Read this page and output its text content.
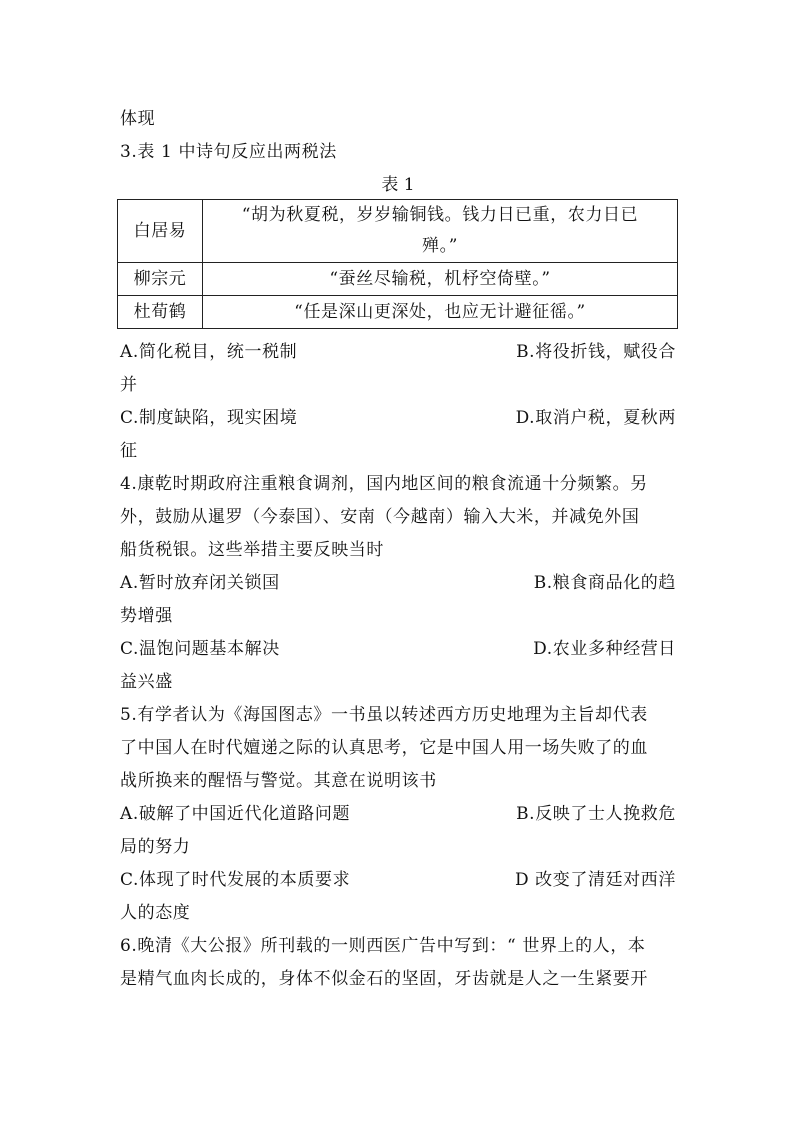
体现
3.表 1 中诗句反应出两税法
表 1
白居易	“胡为秋夏税，岁岁输铜钱。钱力日已重，农力日已
殚。”

柳宗元	“蚕丝尽输税，机杼空倚壁。”
杜荀鹤	“任是深山更深处，也应无计避征徭。”
A.简化税目，统一税制	B.将役折钱，赋役合
并
C.制度缺陷，现实困境	D.取消户税，夏秋两
征
4.康乾时期政府注重粮食调剂，国内地区间的粮食流通十分频繁。另
外，鼓励从暹罗（今泰国）、安南（今越南）输入大米，并减免外国
船货税银。这些举措主要反映当时
A.暂时放弃闭关锁国	B.粮食商品化的趋
势增强
C.温饱问题基本解决	D.农业多种经营日
益兴盛
5.有学者认为《海国图志》一书虽以转述西方历史地理为主旨却代表
了中国人在时代嬗递之际的认真思考，它是中国人用一场失败了的血
战所换来的醒悟与警觉。其意在说明该书
A.破解了中国近代化道路问题	B.反映了士人挽救危
局的努力
C.体现了时代发展的本质要求	D 改变了清廷对西洋
人的态度
6.晚清《大公报》所刊载的一则西医广告中写到：“ 世界上的人，本
是精气血肉长成的，身体不似金石的坚固，牙齿就是人之一生紧要开
